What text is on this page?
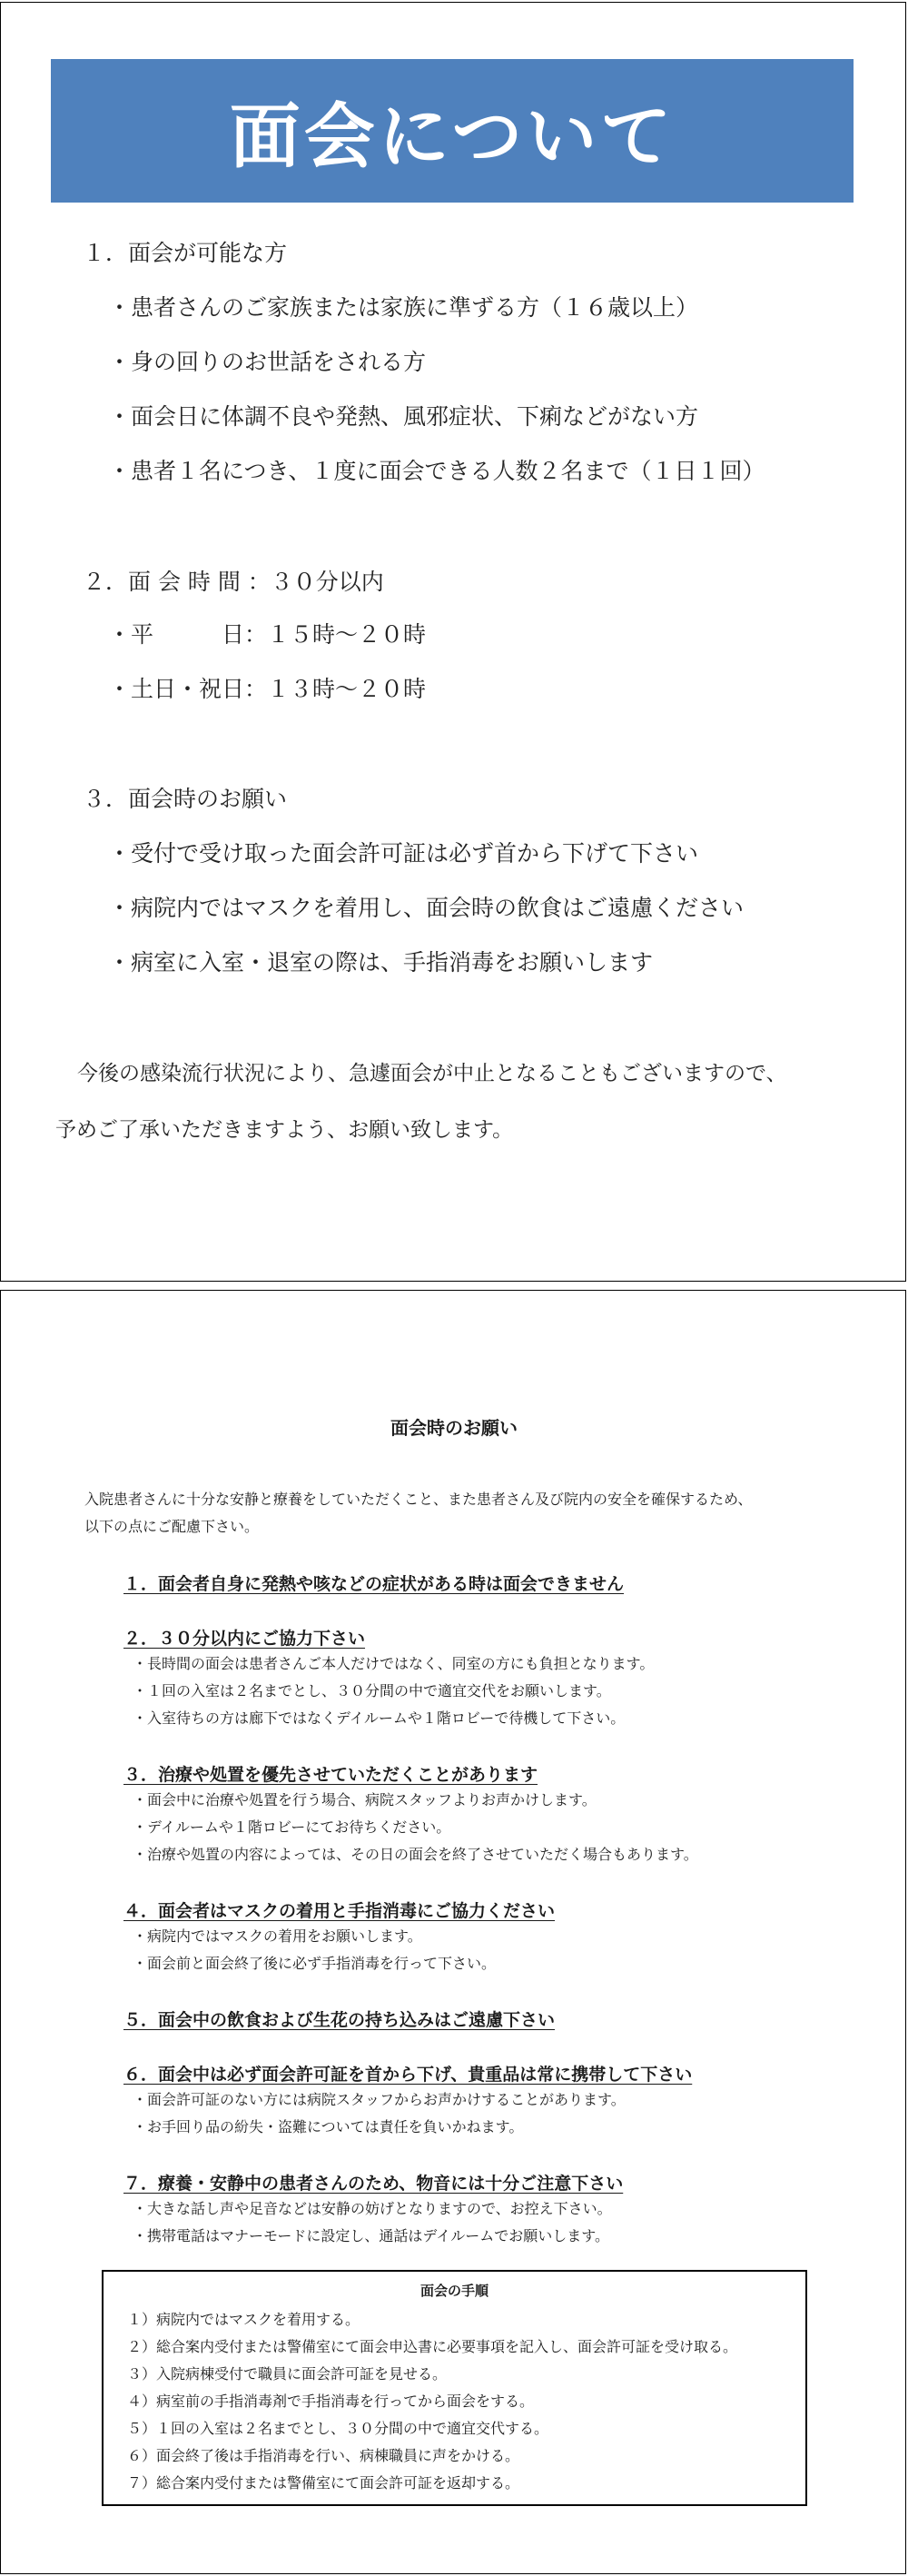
面会について
１．面会が可能な方
・患者さんのご家族または家族に準ずる方（１６歳以上）
・身の回りのお世話をされる方
・面会日に体調不良や発熱、風邪症状、下痢などがない方
・患者１名につき、１度に面会できる人数２名まで（１日１回）
２．面 会 時 間 ：３０分以内
・平　　　日：１５時～２０時
・土日・祝日：１３時～２０時
３．面会時のお願い
・受付で受け取った面会許可証は必ず首から下げて下さい
・病院内ではマスクを着用し、面会時の飲食はご遠慮ください
・病室に入室・退室の際は、手指消毒をお願いします
今後の感染流行状況により、急遽面会が中止となることもございますので、
予めご了承いただきますよう、お願い致します。
面会時のお願い
入院患者さんに十分な安静と療養をしていただくこと、また患者さん及び院内の安全を確保するため、
以下の点にご配慮下さい。
１．面会者自身に発熱や咳などの症状がある時は面会できません
２．３０分以内にご協力下さい
・長時間の面会は患者さんご本人だけではなく、同室の方にも負担となります。
・１回の入室は２名までとし、３０分間の中で適宜交代をお願いします。
・入室待ちの方は廊下ではなくデイルームや１階ロビーで待機して下さい。
３．治療や処置を優先させていただくことがあります
・面会中に治療や処置を行う場合、病院スタッフよりお声かけします。
・デイルームや１階ロビーにてお待ちください。
・治療や処置の内容によっては、その日の面会を終了させていただく場合もあります。
４．面会者はマスクの着用と手指消毒にご協力ください
・病院内ではマスクの着用をお願いします。
・面会前と面会終了後に必ず手指消毒を行って下さい。
５．面会中の飲食および生花の持ち込みはご遠慮下さい
６．面会中は必ず面会許可証を首から下げ、貴重品は常に携帯して下さい
・面会許可証のない方には病院スタッフからお声かけすることがあります。
・お手回り品の紛失・盗難については責任を負いかねます。
７．療養・安静中の患者さんのため、物音には十分ご注意下さい
・大きな話し声や足音などは安静の妨げとなりますので、お控え下さい。
・携帯電話はマナーモードに設定し、通話はデイルームでお願いします。
面会の手順
１）病院内ではマスクを着用する。
２）総合案内受付または警備室にて面会申込書に必要事項を記入し、面会許可証を受け取る。
３）入院病棟受付で職員に面会許可証を見せる。
４）病室前の手指消毒剤で手指消毒を行ってから面会をする。
５）１回の入室は２名までとし、３０分間の中で適宜交代する。
６）面会終了後は手指消毒を行い、病棟職員に声をかける。
７）総合案内受付または警備室にて面会許可証を返却する。
